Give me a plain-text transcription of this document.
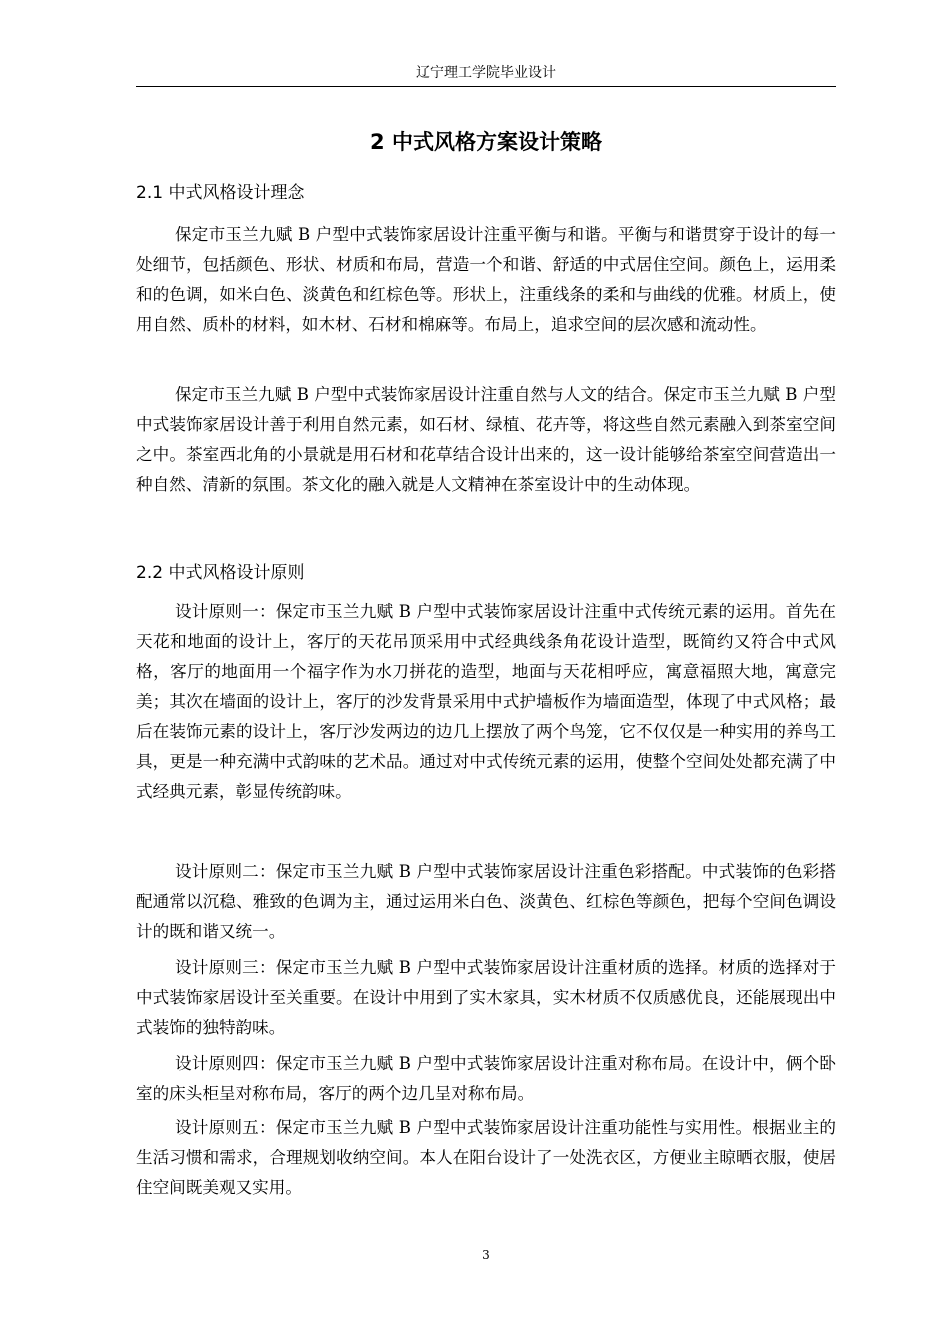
辽宁理工学院毕业设计
2 中式风格方案设计策略
2.1 中式风格设计理念

保定市玉兰九赋 B 户型中式装饰家居设计注重平衡与和谐。平衡与和谐贯穿于设计的每一处细节，包括颜色、形状、材质和布局，营造一个和谐、舒适的中式居住空间。颜色上，运用柔和的色调，如米白色、淡黄色和红棕色等。形状上，注重线条的柔和与曲线的优雅。材质上，使用自然、质朴的材料，如木材、石材和棉麻等。布局上，追求空间的层次感和流动性。

保定市玉兰九赋 B 户型中式装饰家居设计注重自然与人文的结合。保定市玉兰九赋 B 户型中式装饰家居设计善于利用自然元素，如石材、绿植、花卉等，将这些自然元素融入到茶室空间之中。茶室西北角的小景就是用石材和花草结合设计出来的，这一设计能够给茶室空间营造出一种自然、清新的氛围。茶文化的融入就是人文精神在茶室设计中的生动体现。

2.2 中式风格设计原则

设计原则一：保定市玉兰九赋 B 户型中式装饰家居设计注重中式传统元素的运用。首先在天花和地面的设计上，客厅的天花吊顶采用中式经典线条角花设计造型，既简约又符合中式风格，客厅的地面用一个福字作为水刀拼花的造型，地面与天花相呼应，寓意福照大地，寓意完美；其次在墙面的设计上，客厅的沙发背景采用中式护墙板作为墙面造型，体现了中式风格；最后在装饰元素的设计上，客厅沙发两边的边几上摆放了两个鸟笼，它不仅仅是一种实用的养鸟工具，更是一种充满中式韵味的艺术品。通过对中式传统元素的运用，使整个空间处处都充满了中式经典元素，彰显传统韵味。

设计原则二：保定市玉兰九赋 B 户型中式装饰家居设计注重色彩搭配。中式装饰的色彩搭配通常以沉稳、雅致的色调为主，通过运用米白色、淡黄色、红棕色等颜色，把每个空间色调设计的既和谐又统一。

设计原则三：保定市玉兰九赋 B 户型中式装饰家居设计注重材质的选择。材质的选择对于中式装饰家居设计至关重要。在设计中用到了实木家具，实木材质不仅质感优良，还能展现出中式装饰的独特韵味。

设计原则四：保定市玉兰九赋 B 户型中式装饰家居设计注重对称布局。在设计中，俩个卧室的床头柜呈对称布局，客厅的两个边几呈对称布局。

设计原则五：保定市玉兰九赋 B 户型中式装饰家居设计注重功能性与实用性。根据业主的生活习惯和需求，合理规划收纳空间。本人在阳台设计了一处洗衣区，方便业主晾晒衣服，使居住空间既美观又实用。

3
